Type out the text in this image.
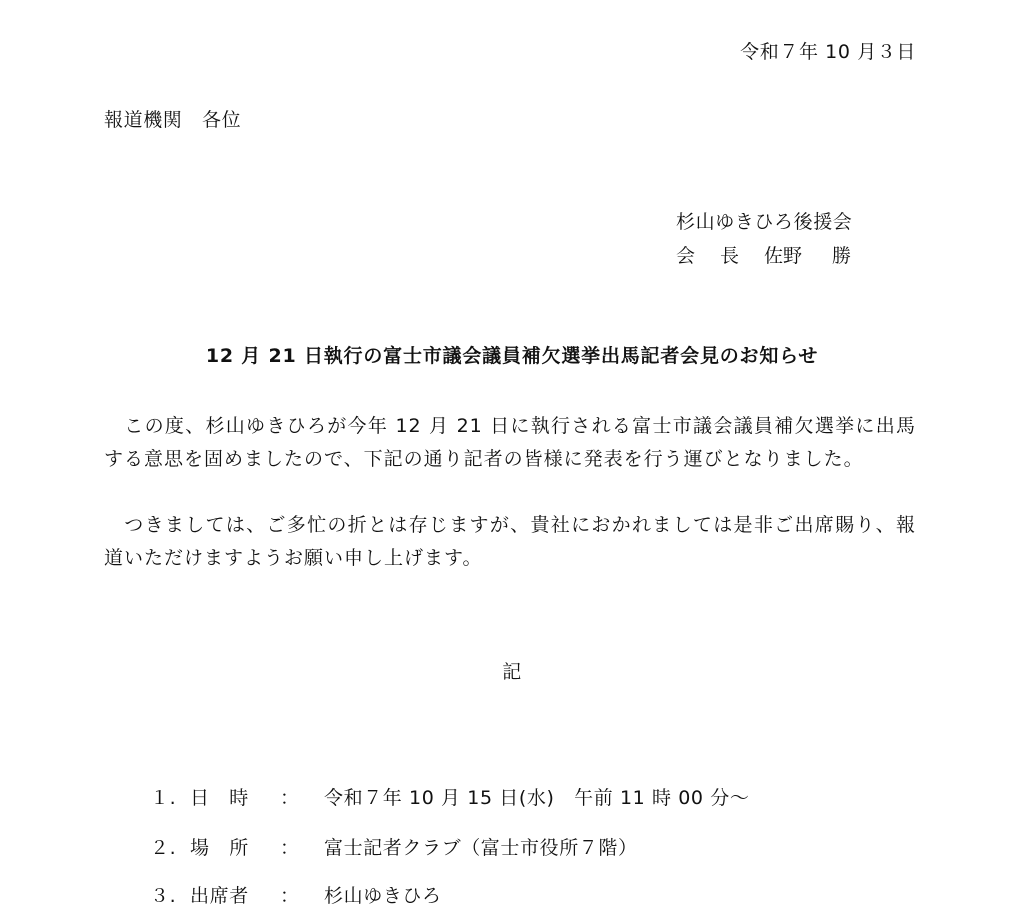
令和７年 10 月３日
報道機関　各位
杉山ゆきひろ後援会
会 長 佐野 勝
12 月 21 日執行の富士市議会議員補欠選挙出馬記者会見のお知らせ
　この度、杉山ゆきひろが今年 12 月 21 日に執行される富士市議会議員補欠選挙に出馬する意思を固めましたので、下記の通り記者の皆様に発表を行う運びとなりました。
　つきましては、ご多忙の折とは存じますが、貴社におかれましては是非ご出席賜り、報道いただけますようお願い申し上げます。
記
１. 日　時 ： 令和７年 10 月 15 日(水)　午前 11 時 00 分～
２. 場　所 ： 富士記者クラブ（富士市役所７階）
３. 出席者 ： 杉山ゆきひろ
